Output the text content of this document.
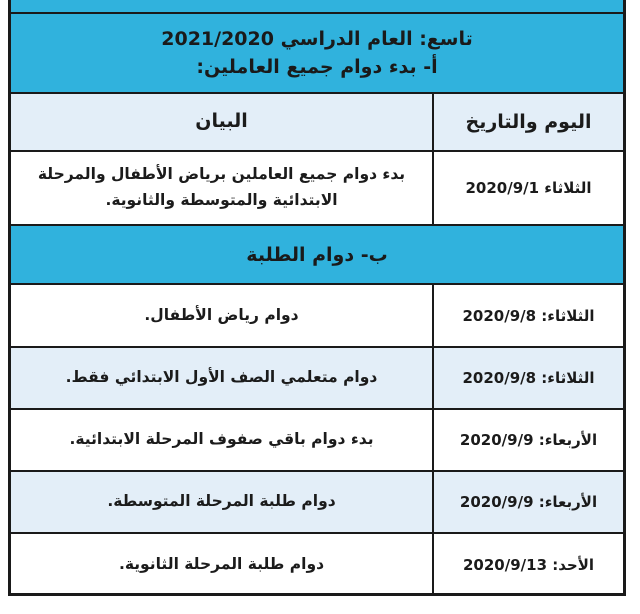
تاسع: العام الدراسي 2021/2020
أ- بدء دوام جميع العاملين:
اليوم والتاريخ
البيان
الثلاثاء 2020/9/1
بدء دوام جميع العاملين برياض الأطفال والمرحلة الابتدائية والمتوسطة والثانوية.
ب- دوام الطلبة
الثلاثاء: 2020/9/8
دوام رياض الأطفال.
الثلاثاء: 2020/9/8
دوام متعلمي الصف الأول الابتدائي فقط.
الأربعاء: 2020/9/9
بدء دوام باقي صفوف المرحلة الابتدائية.
الأربعاء: 2020/9/9
دوام طلبة المرحلة المتوسطة.
الأحد: 2020/9/13
دوام طلبة المرحلة الثانوية.
